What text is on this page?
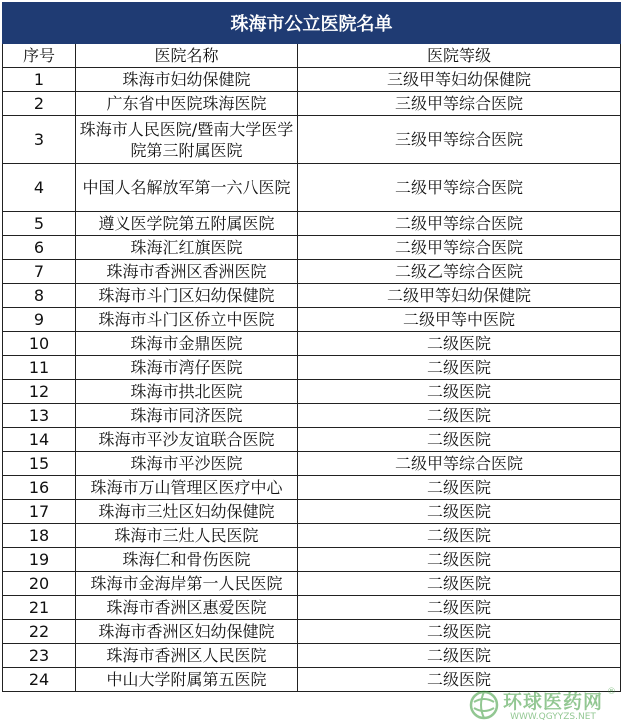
珠海市公立医院名单		
序号	医院名称	医院等级
1	珠海市妇幼保健院	三级甲等妇幼保健院
2	广东省中医院珠海医院	三级甲等综合医院
3	珠海市人民医院/暨南大学医学院第三附属医院	三级甲等综合医院
4	中国人名解放军第一六八医院	二级甲等综合医院
5	遵义医学院第五附属医院	二级甲等综合医院
6	珠海汇红旗医院	二级甲等综合医院
7	珠海市香洲区香洲医院	二级乙等综合医院
8	珠海市斗门区妇幼保健院	二级甲等妇幼保健院
9	珠海市斗门区侨立中医院	二级甲等中医院
10	珠海市金鼎医院	二级医院
11	珠海市湾仔医院	二级医院
12	珠海市拱北医院	二级医院
13	珠海市同济医院	二级医院
14	珠海市平沙友谊联合医院	二级医院
15	珠海市平沙医院	二级甲等综合医院
16	珠海市万山管理区医疗中心	二级医院
17	珠海市三灶区妇幼保健院	二级医院
18	珠海市三灶人民医院	二级医院
19	珠海仁和骨伤医院	二级医院
20	珠海市金海岸第一人民医院	二级医院
21	珠海市香洲区惠爱医院	二级医院
22	珠海市香洲区妇幼保健院	二级医院
23	珠海市香洲区人民医院	二级医院
24	中山大学附属第五医院	二级医院
环球医药网
WWW.QGYYZS.NET
®
